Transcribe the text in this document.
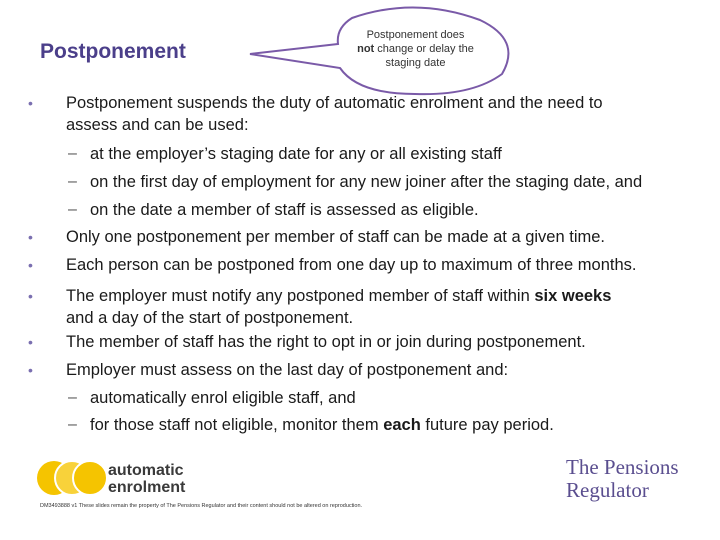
Postponement
Postponement does
not change or delay the
staging date
• Postponement suspends the duty of automatic enrolment and the need to
assess and can be used:
– at the employer’s staging date for any or all existing staff
– on the first day of employment for any new joiner after the staging date, and
– on the date a member of staff is assessed as eligible.
• Only one postponement per member of staff can be made at a given time.
• Each person can be postponed from one day up to maximum of three months.
• The employer must notify any postponed member of staff within six weeks
and a day of the start of postponement.
• The member of staff has the right to opt in or join during postponement.
• Employer must assess on the last day of postponement and:
– automatically enrol eligible staff, and
– for those staff not eligible, monitor them each future pay period.
automatic
enrolment
The Pensions
Regulator
DM3493888 v1 These slides remain the property of The Pensions Regulator and their content should not be altered on reproduction.
